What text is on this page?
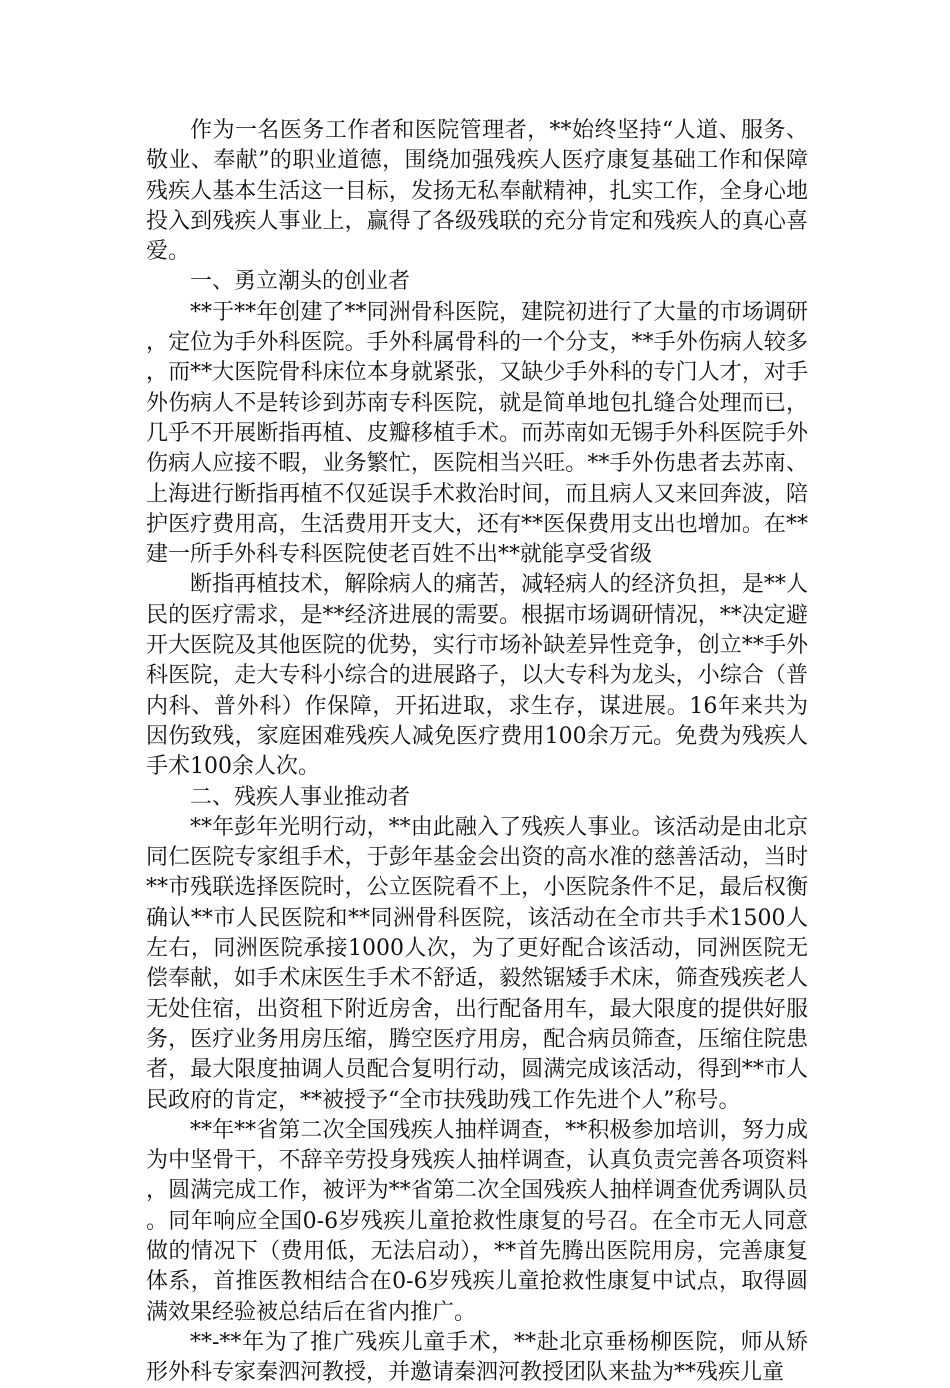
作为一名医务工作者和医院管理者，**始终坚持“人道、服务、敬业、奉献”的职业道德，围绕加强残疾人医疗康复基础工作和保障残疾人基本生活这一目标，发扬无私奉献精神，扎实工作，全身心地投入到残疾人事业上，赢得了各级残联的充分肯定和残疾人的真心喜爱。

一、勇立潮头的创业者

**于**年创建了**同洲骨科医院，建院初进行了大量的市场调研，定位为手外科医院。手外科属骨科的一个分支，**手外伤病人较多，而**大医院骨科床位本身就紧张，又缺少手外科的专门人才，对手外伤病人不是转诊到苏南专科医院，就是简单地包扎缝合处理而已，几乎不开展断指再植、皮瓣移植手术。而苏南如无锡手外科医院手外伤病人应接不暇，业务繁忙，医院相当兴旺。**手外伤患者去苏南、上海进行断指再植不仅延误手术救治时间，而且病人又来回奔波，陪护医疗费用高，生活费用开支大，还有**医保费用支出也增加。在**建一所手外科专科医院使老百姓不出**就能享受省级

断指再植技术，解除病人的痛苦，减轻病人的经济负担，是**人民的医疗需求，是**经济进展的需要。根据市场调研情况，**决定避开大医院及其他医院的优势，实行市场补缺差异性竞争，创立**手外科医院，走大专科小综合的进展路子，以大专科为龙头，小综合（普内科、普外科）作保障，开拓进取，求生存，谋进展。16年来共为因伤致残，家庭困难残疾人减免医疗费用100余万元。免费为残疾人手术100余人次。

二、残疾人事业推动者

**年彭年光明行动，**由此融入了残疾人事业。该活动是由北京同仁医院专家组手术，于彭年基金会出资的高水准的慈善活动，当时**市残联选择医院时，公立医院看不上，小医院条件不足，最后权衡确认**市人民医院和**同洲骨科医院，该活动在全市共手术1500人左右，同洲医院承接1000人次，为了更好配合该活动，同洲医院无偿奉献，如手术床医生手术不舒适，毅然锯矮手术床，筛查残疾老人无处住宿，出资租下附近房舍，出行配备用车，最大限度的提供好服务，医疗业务用房压缩，腾空医疗用房，配合病员筛查，压缩住院患者，最大限度抽调人员配合复明行动，圆满完成该活动，得到**市人民政府的肯定，**被授予“全市扶残助残工作先进个人”称号。

**年**省第二次全国残疾人抽样调查，**积极参加培训，努力成为中坚骨干，不辞辛劳投身残疾人抽样调查，认真负责完善各项资料，圆满完成工作，被评为**省第二次全国残疾人抽样调查优秀调队员。同年响应全国0-6岁残疾儿童抢救性康复的号召。在全市无人同意做的情况下（费用低，无法启动），**首先腾出医院用房，完善康复体系，首推医教相结合在0-6岁残疾儿童抢救性康复中试点，取得圆满效果经验被总结后在省内推广。

**-**年为了推广残疾儿童手术，**赴北京垂杨柳医院，师从矫形外科专家秦泗河教授，并邀请秦泗河教授团队来盐为**残疾儿童
